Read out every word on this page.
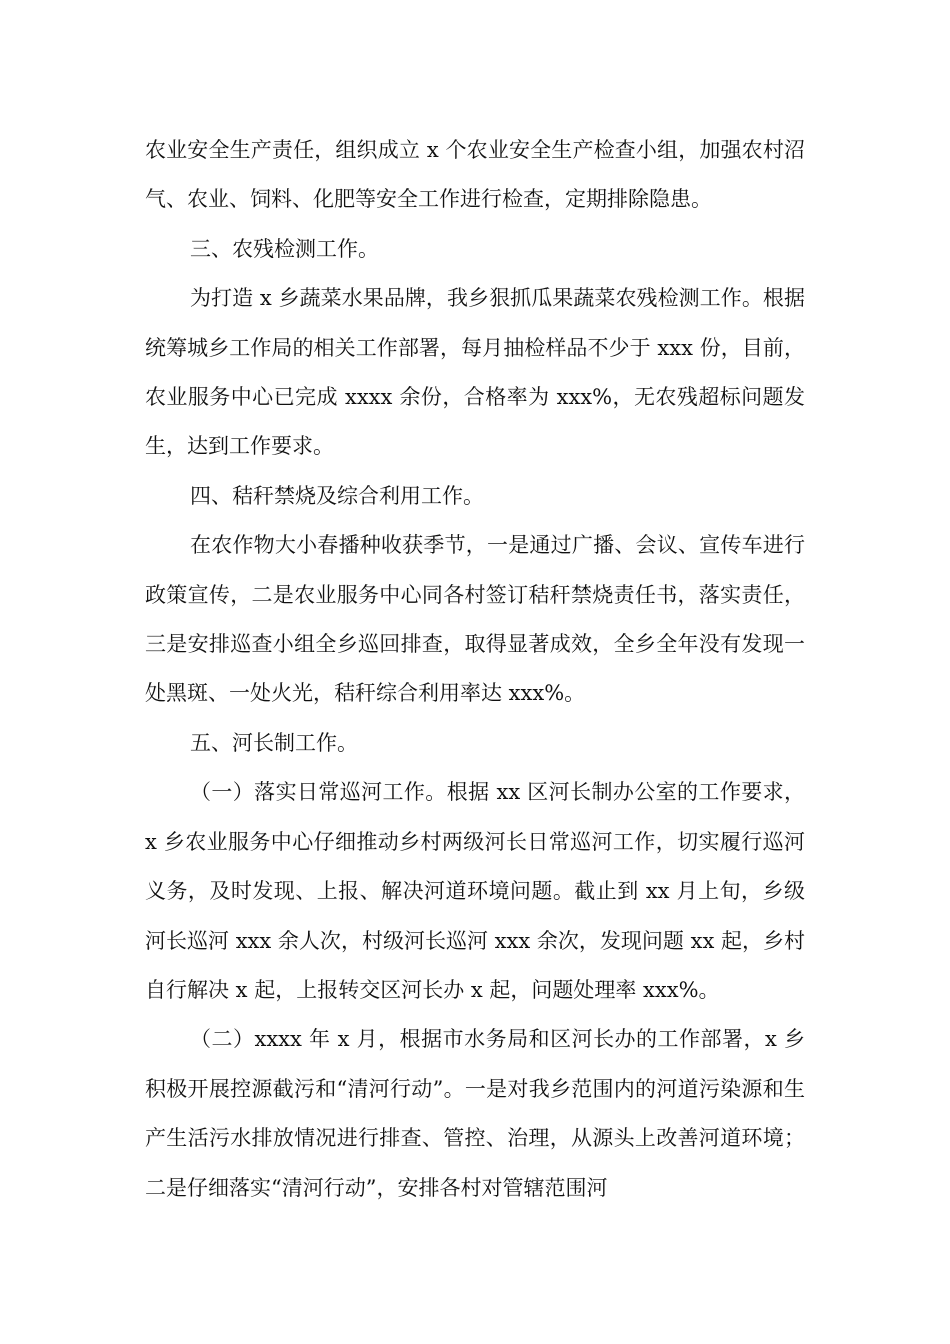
农业安全生产责任，组织成立 x 个农业安全生产检查小组，加强农村沼气、农业、饲料、化肥等安全工作进行检查，定期排除隐患。

三、农残检测工作。

为打造 x 乡蔬菜水果品牌，我乡狠抓瓜果蔬菜农残检测工作。根据统筹城乡工作局的相关工作部署，每月抽检样品不少于 xxx 份，目前，农业服务中心已完成 xxxx 余份，合格率为 xxx%，无农残超标问题发生，达到工作要求。

四、秸秆禁烧及综合利用工作。

在农作物大小春播种收获季节，一是通过广播、会议、宣传车进行政策宣传，二是农业服务中心同各村签订秸秆禁烧责任书，落实责任，三是安排巡查小组全乡巡回排查，取得显著成效，全乡全年没有发现一处黑斑、一处火光，秸秆综合利用率达 xxx%。

五、河长制工作。

（一）落实日常巡河工作。根据 xx 区河长制办公室的工作要求，x 乡农业服务中心仔细推动乡村两级河长日常巡河工作，切实履行巡河义务，及时发现、上报、解决河道环境问题。截止到 xx 月上旬，乡级河长巡河 xxx 余人次，村级河长巡河 xxx 余次，发现问题 xx 起，乡村自行解决 x 起，上报转交区河长办 x 起，问题处理率 xxx%。

（二）xxxx 年 x 月，根据市水务局和区河长办的工作部署，x 乡积极开展控源截污和“清河行动”。一是对我乡范围内的河道污染源和生产生活污水排放情况进行排查、管控、治理，从源头上改善河道环境；二是仔细落实“清河行动”，安排各村对管辖范围河
